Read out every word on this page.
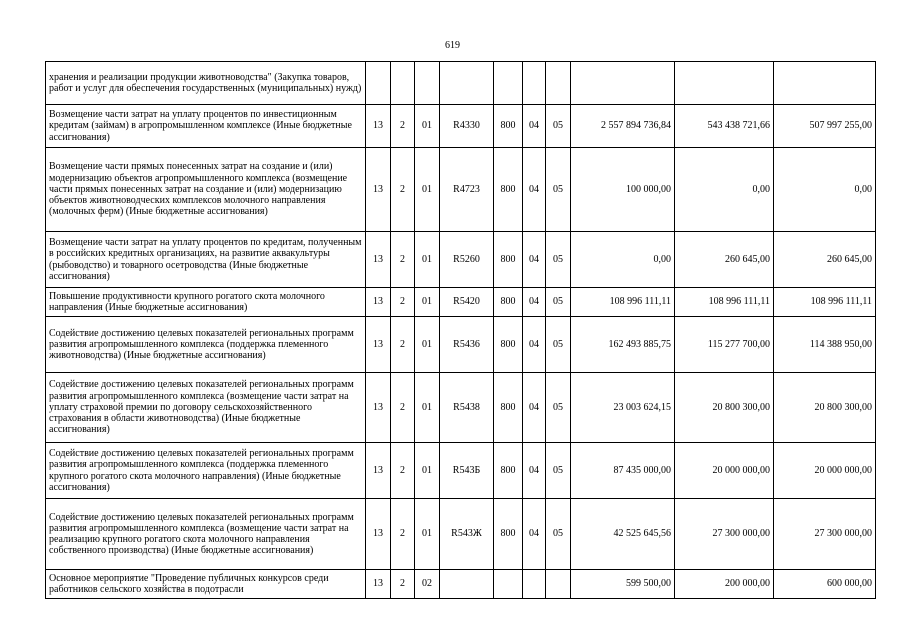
619
хранения и реализации продукции животноводства" (Закупка товаров, работ и услуг для обеспечения государственных (муниципальных) нужд)										
Возмещение части затрат на уплату процентов по инвестиционным кредитам (займам) в агропромышленном комплексе (Иные бюджетные ассигнования)	13	2	01	R4330	800	04	05	2 557 894 736,84	543 438 721,66	507 997 255,00
Возмещение части прямых понесенных затрат на создание и (или) модернизацию объектов агропромышленного комплекса (возмещение части прямых понесенных затрат на создание и (или) модернизацию объектов животноводческих комплексов молочного направления (молочных ферм) (Иные бюджетные ассигнования)	13	2	01	R4723	800	04	05	100 000,00	0,00	0,00
Возмещение части затрат на уплату процентов по кредитам, полученным в российских кредитных организациях, на развитие аквакультуры (рыбоводство) и товарного осетроводства (Иные бюджетные ассигнования)	13	2	01	R5260	800	04	05	0,00	260 645,00	260 645,00
Повышение продуктивности крупного рогатого скота молочного направления (Иные бюджетные ассигнования)	13	2	01	R5420	800	04	05	108 996 111,11	108 996 111,11	108 996 111,11
Содействие достижению целевых показателей региональных программ развития агропромышленного комплекса (поддержка племенного животноводства) (Иные бюджетные ассигнования)	13	2	01	R5436	800	04	05	162 493 885,75	115 277 700,00	114 388 950,00
Содействие достижению целевых показателей региональных программ развития агропромышленного комплекса (возмещение части затрат на уплату страховой премии по договору сельскохозяйственного страхования в области животноводства) (Иные бюджетные ассигнования)	13	2	01	R5438	800	04	05	23 003 624,15	20 800 300,00	20 800 300,00
Содействие достижению целевых показателей региональных программ развития агропромышленного комплекса (поддержка племенного крупного рогатого скота молочного направления) (Иные бюджетные ассигнования)	13	2	01	R543Б	800	04	05	87 435 000,00	20 000 000,00	20 000 000,00
Содействие достижению целевых показателей региональных программ развития агропромышленного комплекса (возмещение части затрат на реализацию крупного рогатого скота молочного направления собственного производства) (Иные бюджетные ассигнования)	13	2	01	R543Ж	800	04	05	42 525 645,56	27 300 000,00	27 300 000,00
Основное мероприятие "Проведение публичных конкурсов среди работников сельского хозяйства в подотрасли	13	2	02					599 500,00	200 000,00	600 000,00
